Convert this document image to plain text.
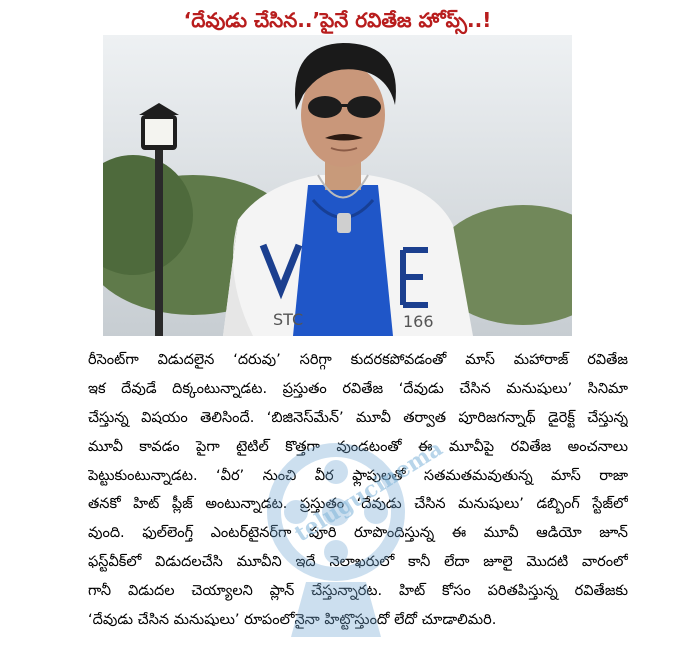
‘దేవుడు చేసిన..’పైనే రవితేజ హోప్స్..!
STC	166
రీసెంట్‌గా విడుదలైన ‘దరువు’ సరిగ్గా కుదరకపోవడంతో మాస్ మహారాజ్ రవితేజ
ఇక దేవుడే దిక్కంటున్నాడట. ప్రస్తుతం రవితేజ ‘దేవుడు చేసిన మనుషులు’ సినిమా
చేస్తున్న విషయం తెలిసిందే. ‘బిజినెస్‌మేన్’ మూవీ తర్వాత పూరిజగన్నాథ్ డైరెక్ట్ చేస్తున్న
మూవీ కావడం పైగా టైటిల్ కొత్తగా వుండటంతో ఈ మూవీపై రవితేజ అంచనాలు
పెట్టుకుంటున్నాడట. ‘వీర’ నుంచి వీర ఫ్లాపులతో సతమతమవుతున్న మాస్ రాజా
తనకో హిట్ ప్లీజ్ అంటున్నాడట. ప్రస్తుతం ‘దేవుడు చేసిన మనుషులు’ డబ్బింగ్ స్టేజ్‌లో
వుంది. ఫుల్‌లెంగ్త్ ఎంటర్‌టైనర్‌గా పూరి రూపొందిస్తున్న ఈ మూవీ ఆడియో జూన్
ఫస్ట్‌వీక్‌లో విడుదలచేసి మూవీని ఇదే నెలాఖరులో కానీ లేదా జూలై మొదటి వారంలో
గానీ విడుదల చెయ్యాలని ప్లాన్ చేస్తున్నారట. హిట్ కోసం పరితపిస్తున్న రవితేజకు
‘దేవుడు చేసిన మనుషులు’ రూపంలోనైనా హిట్టొస్తుందో లేదో చూడాలిమరి.
telugucinema
